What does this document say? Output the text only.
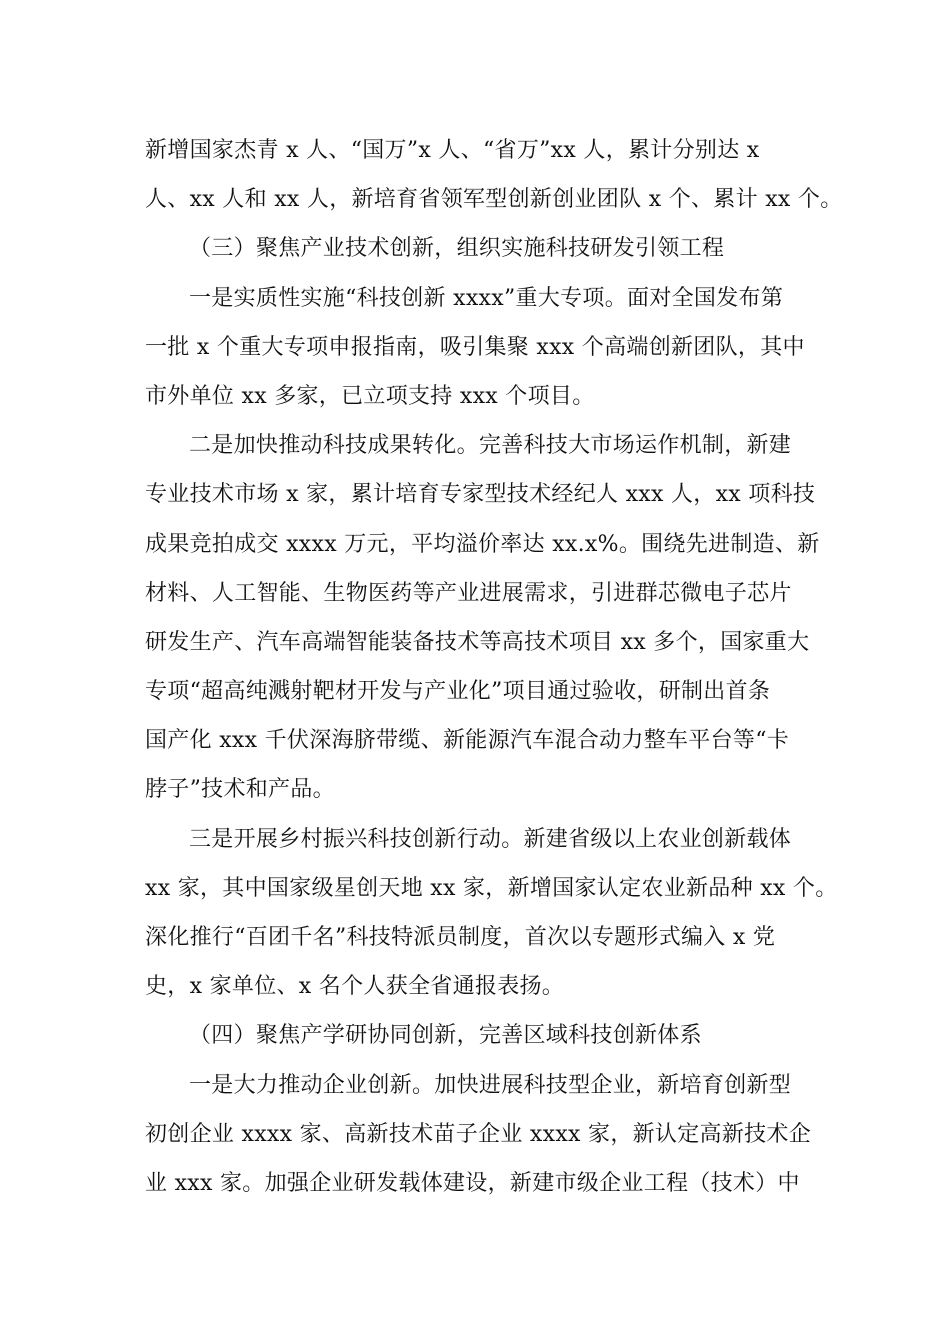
新增国家杰青 x 人、“国万”x 人、“省万”xx 人，累计分别达 x
人、xx 人和 xx 人，新培育省领军型创新创业团队 x 个、累计 xx 个。
（三）聚焦产业技术创新，组织实施科技研发引领工程
一是实质性实施“科技创新 xxxx”重大专项。面对全国发布第
一批 x 个重大专项申报指南，吸引集聚 xxx 个高端创新团队，其中
市外单位 xx 多家，已立项支持 xxx 个项目。
二是加快推动科技成果转化。完善科技大市场运作机制，新建
专业技术市场 x 家，累计培育专家型技术经纪人 xxx 人，xx 项科技
成果竞拍成交 xxxx 万元，平均溢价率达 xx.x%。围绕先进制造、新
材料、人工智能、生物医药等产业进展需求，引进群芯微电子芯片
研发生产、汽车高端智能装备技术等高技术项目 xx 多个，国家重大
专项“超高纯溅射靶材开发与产业化”项目通过验收，研制出首条
国产化 xxx 千伏深海脐带缆、新能源汽车混合动力整车平台等“卡
脖子”技术和产品。
三是开展乡村振兴科技创新行动。新建省级以上农业创新载体
xx 家，其中国家级星创天地 xx 家，新增国家认定农业新品种 xx 个。
深化推行“百团千名”科技特派员制度，首次以专题形式编入 x 党
史，x 家单位、x 名个人获全省通报表扬。
（四）聚焦产学研协同创新，完善区域科技创新体系
一是大力推动企业创新。加快进展科技型企业，新培育创新型
初创企业 xxxx 家、高新技术苗子企业 xxxx 家，新认定高新技术企
业 xxx 家。加强企业研发载体建设，新建市级企业工程（技术）中
